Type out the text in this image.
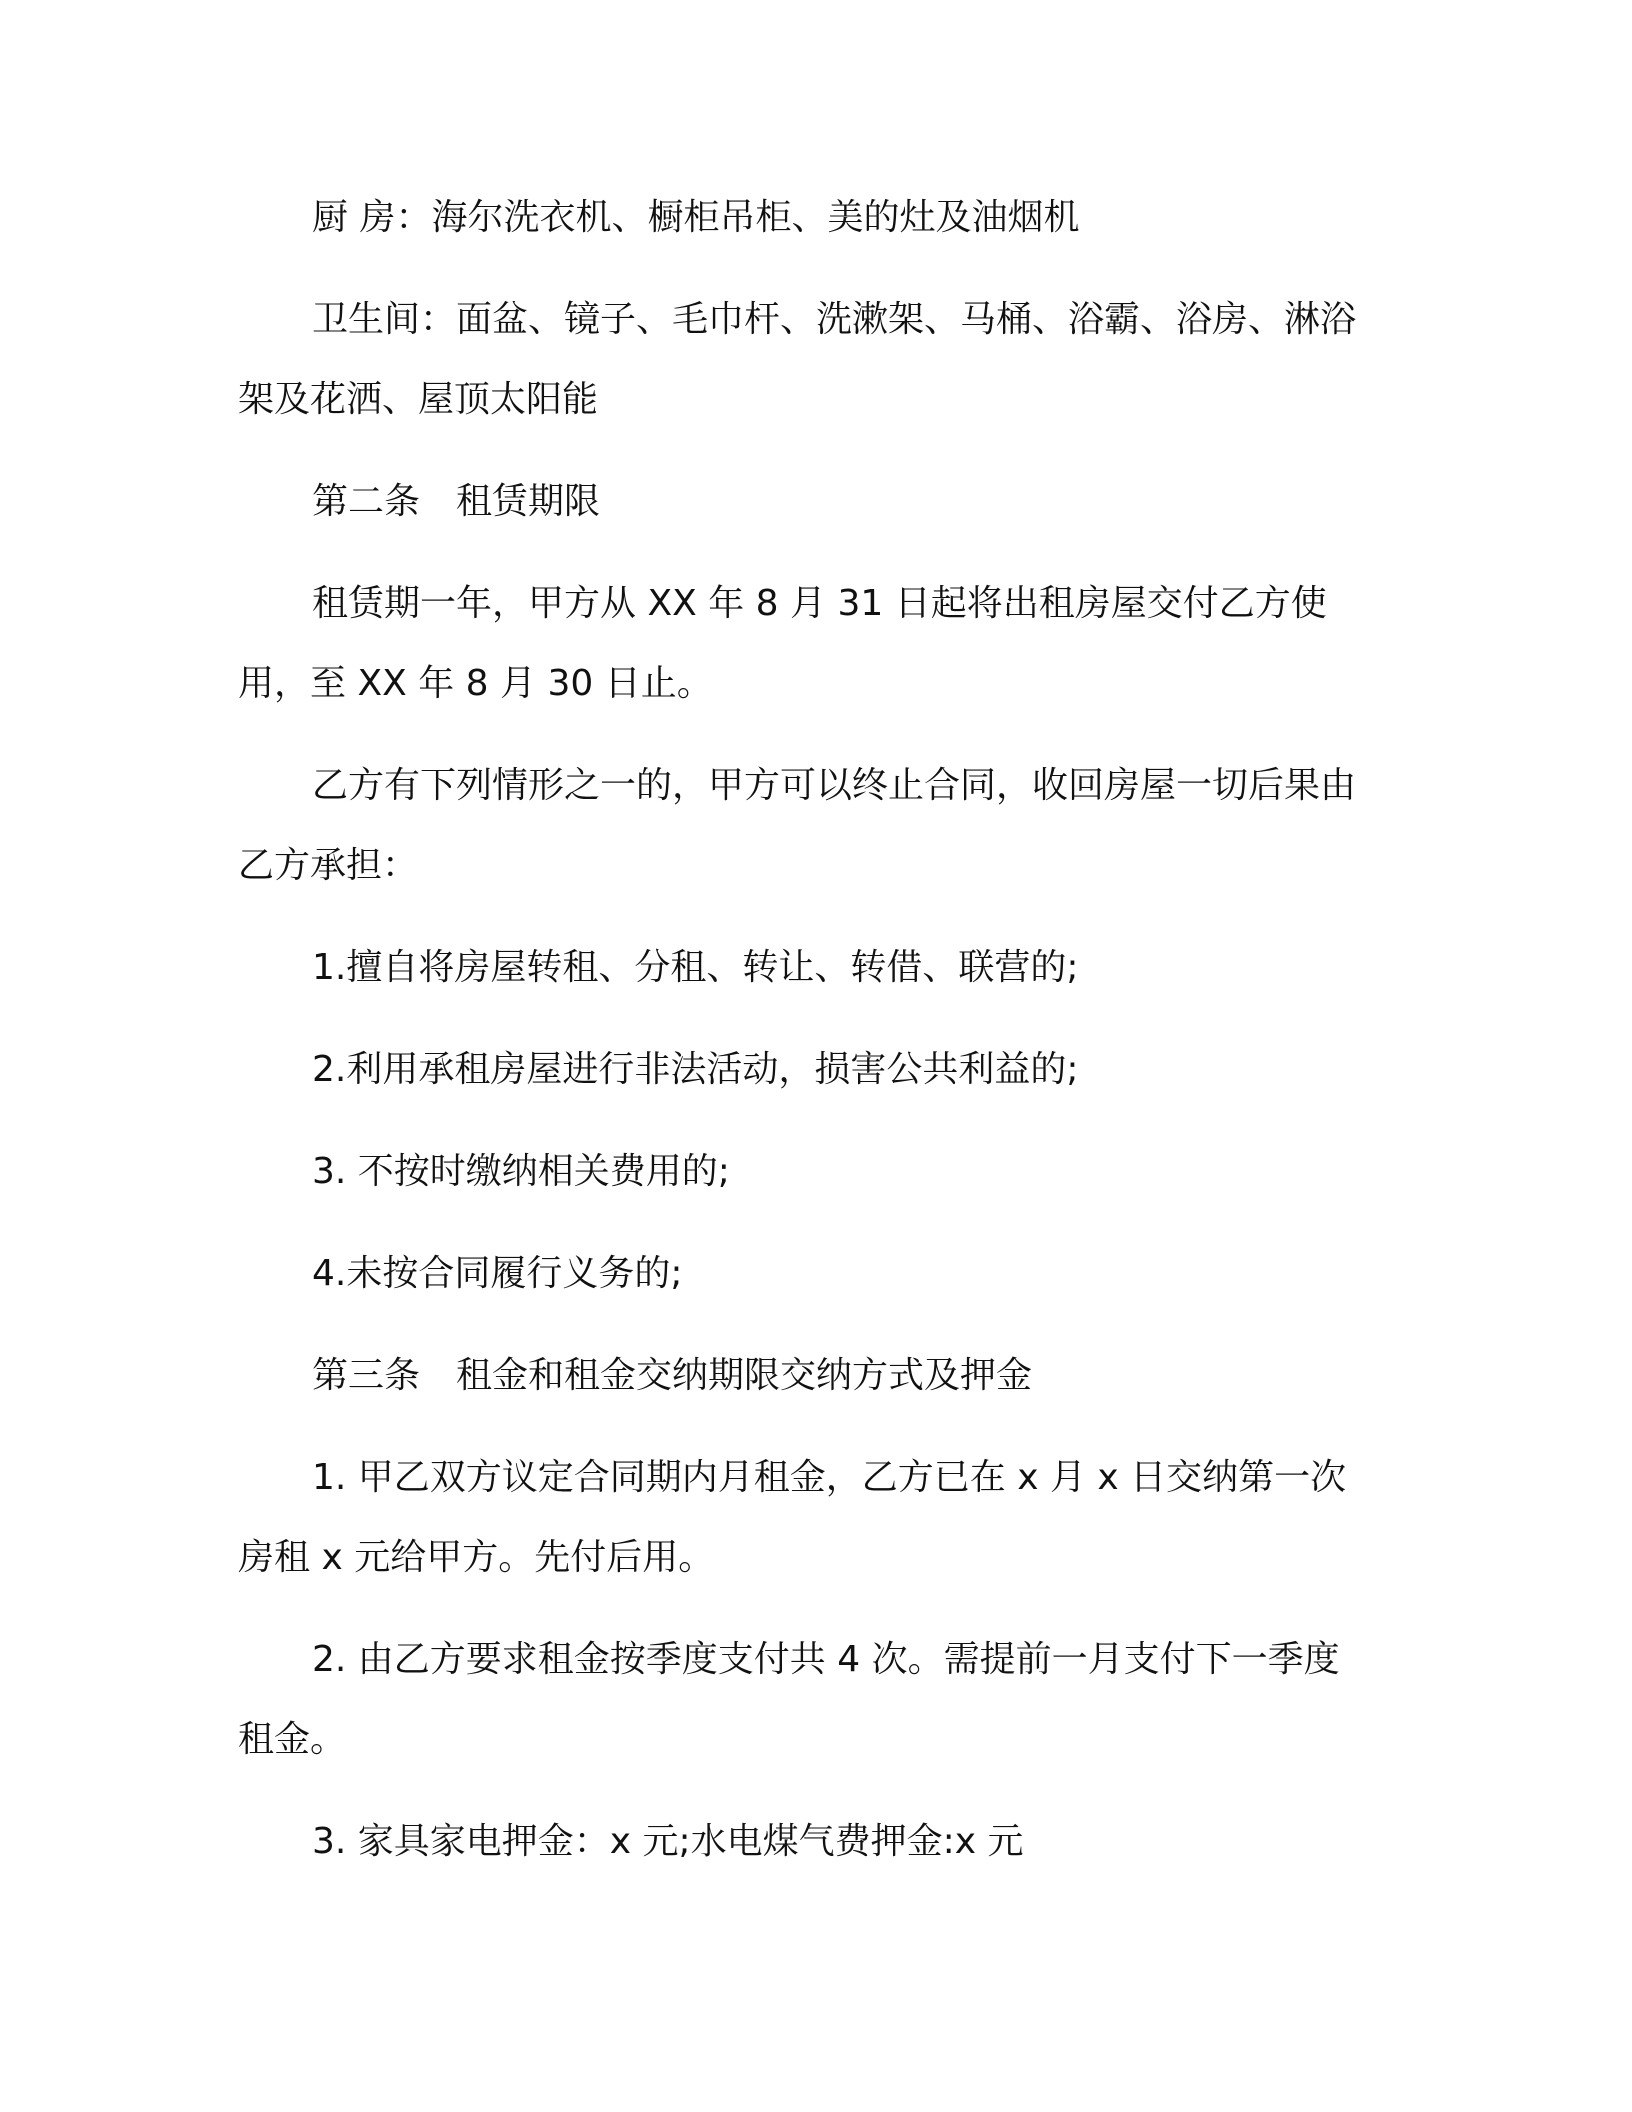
厨 房：海尔洗衣机、橱柜吊柜、美的灶及油烟机

卫生间：面盆、镜子、毛巾杆、洗漱架、马桶、浴霸、浴房、淋浴架及花洒、屋顶太阳能

第二条　租赁期限

租赁期一年，甲方从 XX 年 8 月 31 日起将出租房屋交付乙方使用，至 XX 年 8 月 30 日止。

乙方有下列情形之一的，甲方可以终止合同，收回房屋一切后果由乙方承担：

1.擅自将房屋转租、分租、转让、转借、联营的;

2.利用承租房屋进行非法活动，损害公共利益的;

3. 不按时缴纳相关费用的;

4.未按合同履行义务的;

第三条　租金和租金交纳期限交纳方式及押金

1. 甲乙双方议定合同期内月租金，乙方已在 x 月 x 日交纳第一次房租 x 元给甲方。先付后用。

2. 由乙方要求租金按季度支付共 4 次。需提前一月支付下一季度租金。

3. 家具家电押金：x 元;水电煤气费押金:x 元
